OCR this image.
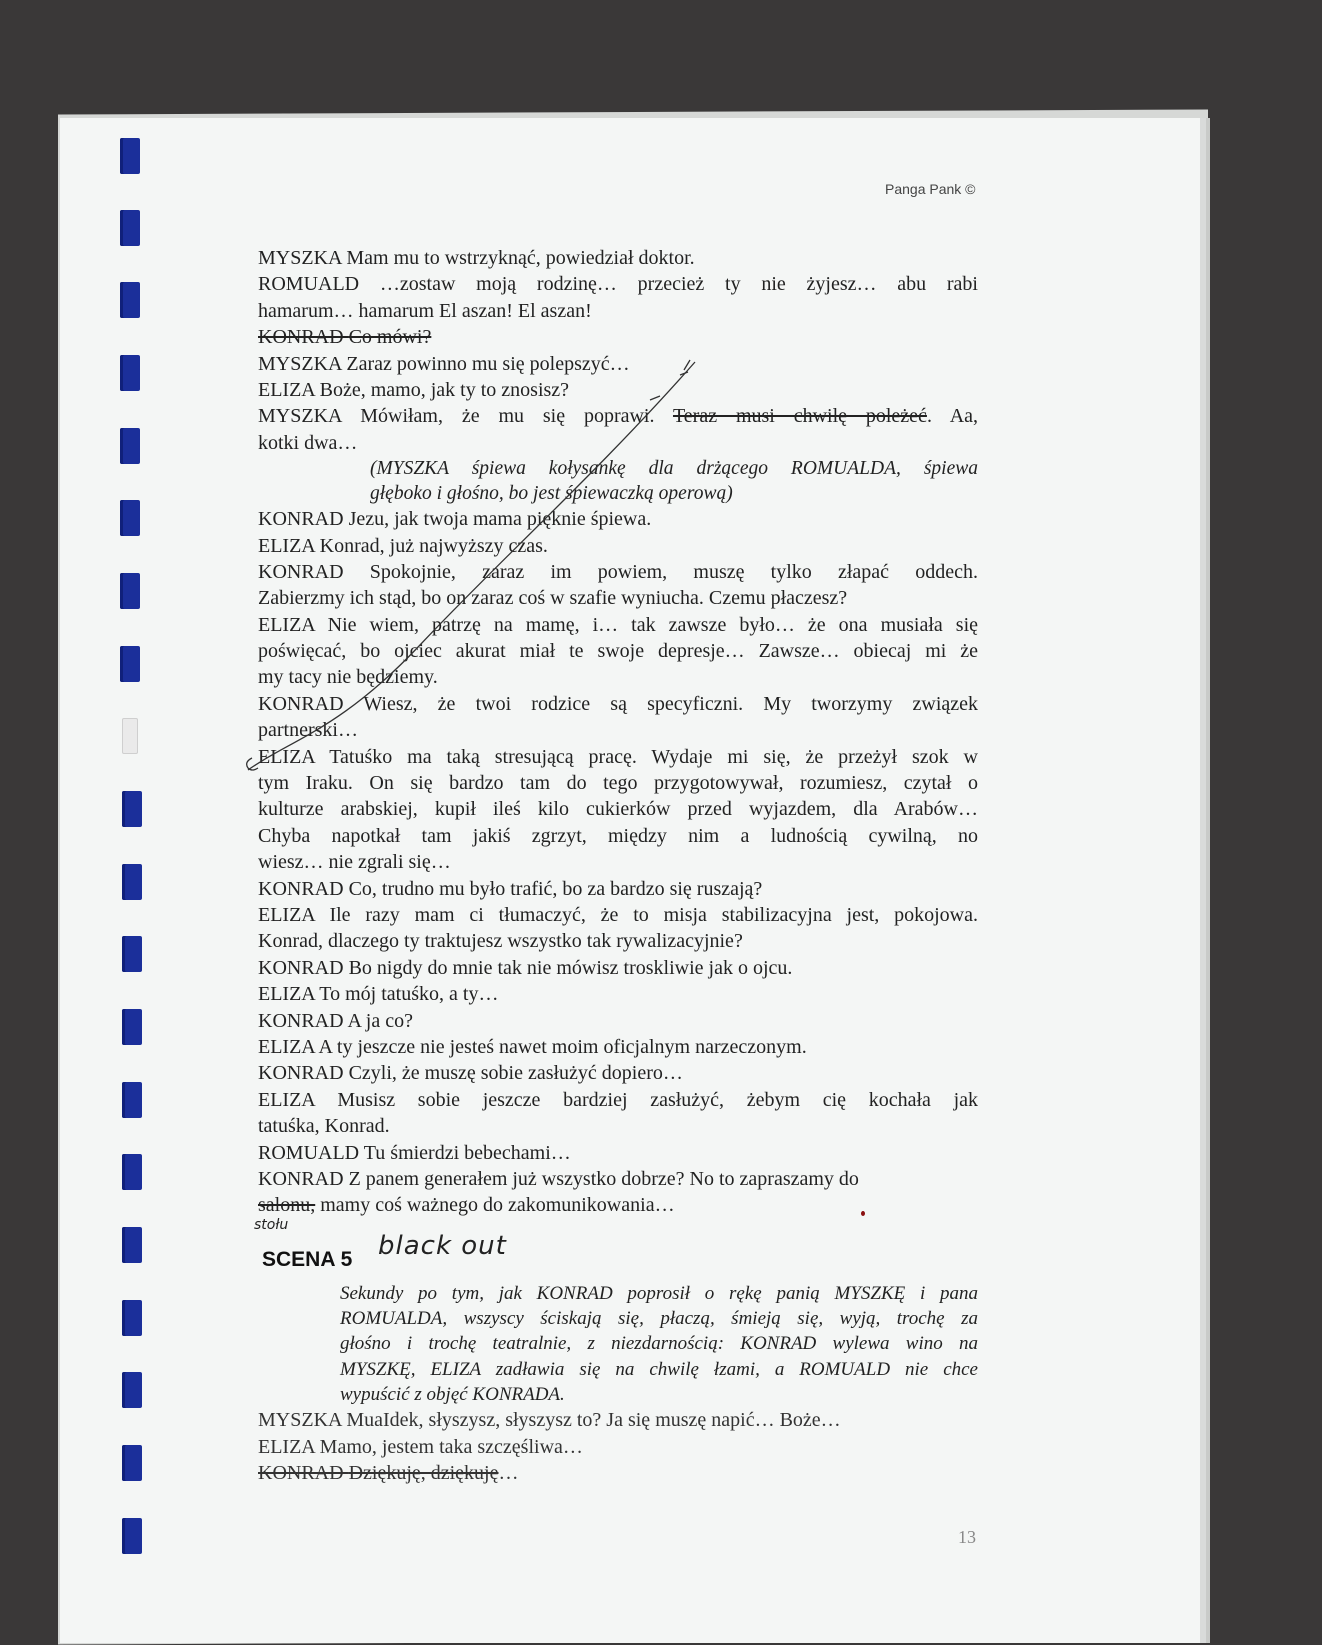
Panga Pank ©
MYSZKA Mam mu to wstrzyknąć, powiedział doktor.
ROMUALD …zostaw moją rodzinę… przecież ty nie żyjesz… abu rabi
hamarum… hamarum El aszan! El aszan!
KONRAD Co mówi?
MYSZKA Zaraz powinno mu się polepszyć…
ELIZA Boże, mamo, jak ty to znosisz?
MYSZKA Mówiłam, że mu się poprawi. Teraz musi chwilę poleżeć. Aa,
kotki dwa…
(MYSZKA śpiewa kołysankę dla drżącego ROMUALDA, śpiewa
głęboko i głośno, bo jest śpiewaczką operową)
KONRAD Jezu, jak twoja mama pięknie śpiewa.
ELIZA Konrad, już najwyższy czas.
KONRAD Spokojnie, zaraz im powiem, muszę tylko złapać oddech.
Zabierzmy ich stąd, bo on zaraz coś w szafie wyniucha. Czemu płaczesz?
ELIZA Nie wiem, patrzę na mamę, i… tak zawsze było… że ona musiała się
poświęcać, bo ojciec akurat miał te swoje depresje… Zawsze… obiecaj mi że
my tacy nie będziemy.
KONRAD Wiesz, że twoi rodzice są specyficzni. My tworzymy związek
partnerski…
ELIZA Tatuśko ma taką stresującą pracę. Wydaje mi się, że przeżył szok w
tym Iraku. On się bardzo tam do tego przygotowywał, rozumiesz, czytał o
kulturze arabskiej, kupił ileś kilo cukierków przed wyjazdem, dla Arabów…
Chyba napotkał tam jakiś zgrzyt, między nim a ludnością cywilną, no
wiesz… nie zgrali się…
KONRAD Co, trudno mu było trafić, bo za bardzo się ruszają?
ELIZA Ile razy mam ci tłumaczyć, że to misja stabilizacyjna jest, pokojowa.
Konrad, dlaczego ty traktujesz wszystko tak rywalizacyjnie?
KONRAD Bo nigdy do mnie tak nie mówisz troskliwie jak o ojcu.
ELIZA To mój tatuśko, a ty…
KONRAD A ja co?
ELIZA A ty jeszcze nie jesteś nawet moim oficjalnym narzeczonym.
KONRAD Czyli, że muszę sobie zasłużyć dopiero…
ELIZA Musisz sobie jeszcze bardziej zasłużyć, żebym cię kochała jak
tatuśka, Konrad.
ROMUALD Tu śmierdzi bebechami…
KONRAD Z panem generałem już wszystko dobrze? No to zapraszamy do
salonu, mamy coś ważnego do zakomunikowania…
stołu
SCENA 5 black out
Sekundy po tym, jak KONRAD poprosił o rękę panią MYSZKĘ i pana
ROMUALDA, wszyscy ściskają się, płaczą, śmieją się, wyją, trochę za
głośno i trochę teatralnie, z niezdarnością: KONRAD wylewa wino na
MYSZKĘ, ELIZA zadławia się na chwilę łzami, a ROMUALD nie chce
wypuścić z objęć KONRADA.
MYSZKA MuaIdek, słyszysz, słyszysz to? Ja się muszę napić… Boże…
ELIZA Mamo, jestem taka szczęśliwa…
KONRAD Dziękuję, dziękuję…
13
